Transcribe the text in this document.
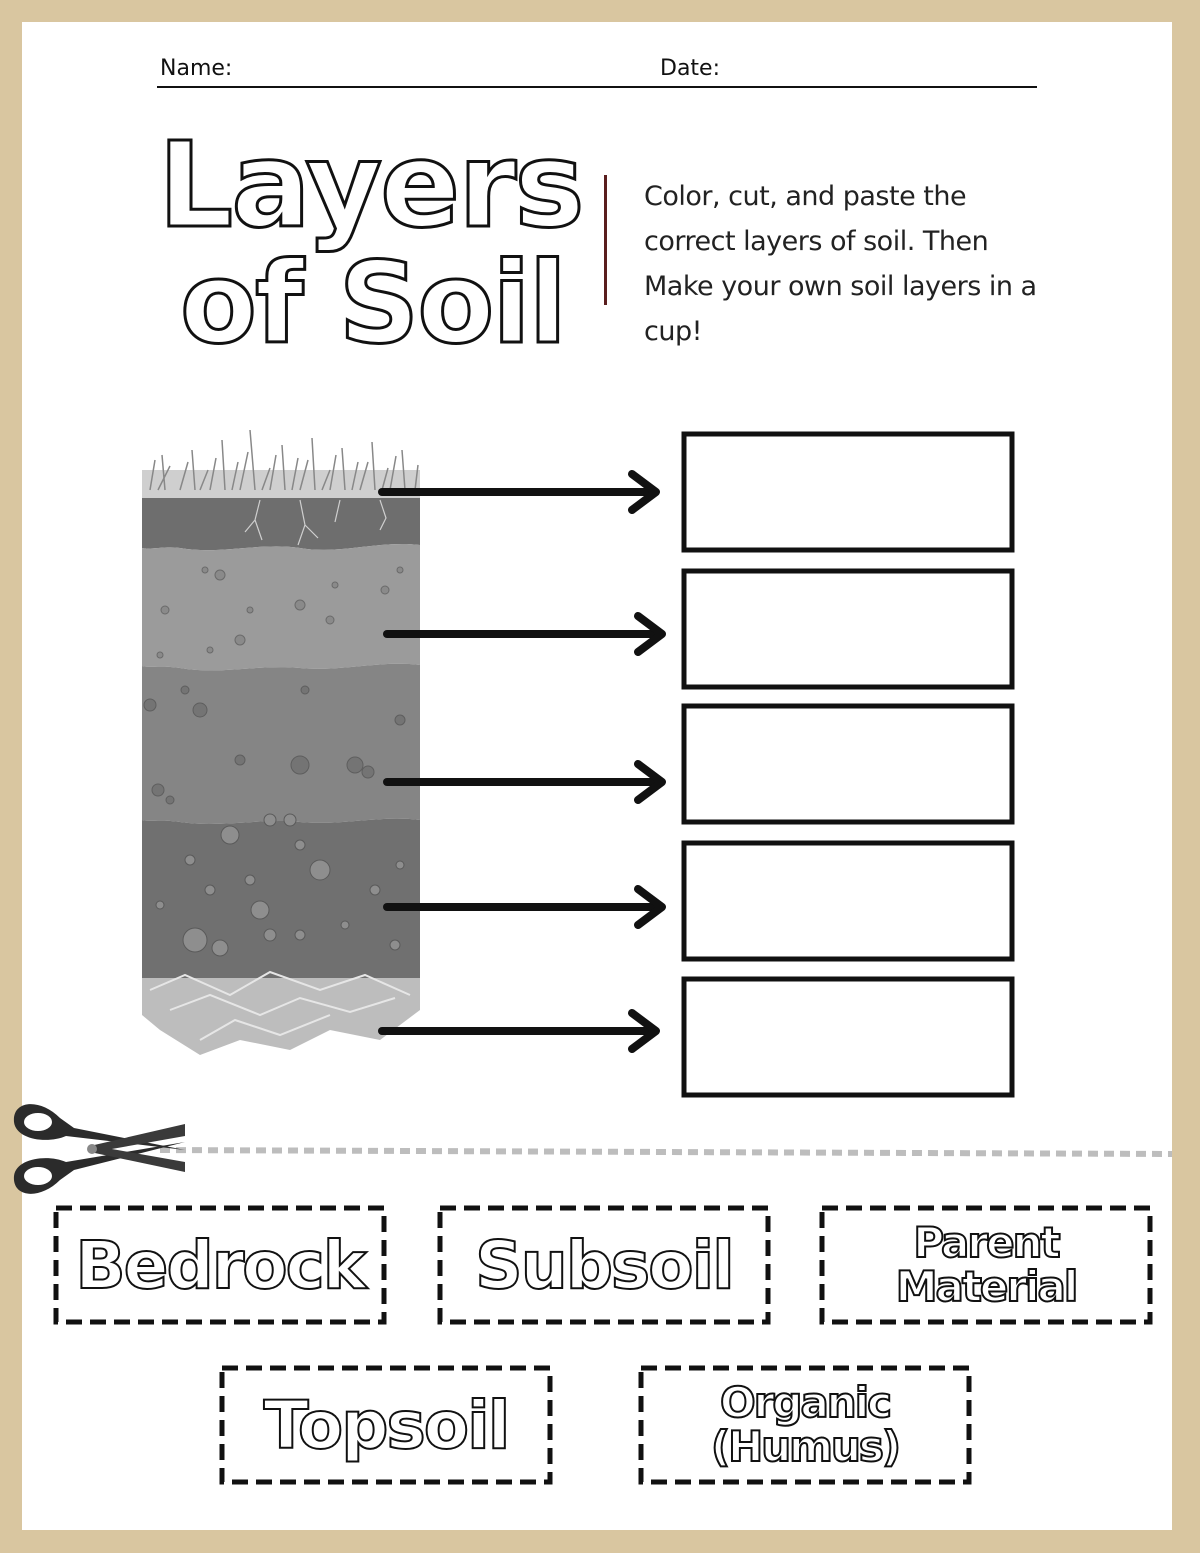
Name:	Date:
Layers
of Soil
Color, cut, and paste the correct layers of soil. Then Make your own soil layers in a cup!
Bedrock Subsoil	Parent
Material
Topsoil	Organic
(Humus)
